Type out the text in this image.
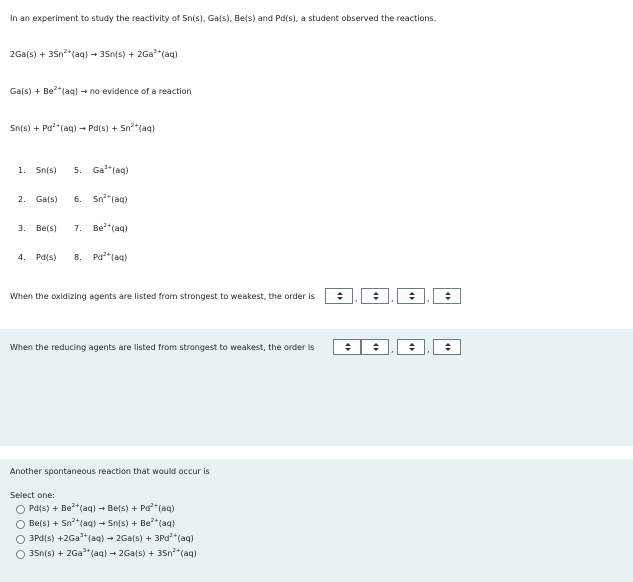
In an experiment to study the reactivity of Sn(s), Ga(s), Be(s) and Pd(s), a student observed the reactions.
$2Ga(s) + 3Sn^{2+}(aq) \to 3Sn(s) + 2Ga^{3+}(aq)$
$Ga(s) + Be^{2+}(aq)$ → no evidence of a reaction
$Sn(s) + Pd^{2+}(aq) \to Pd(s) + Sn^{2+}(aq)$
1. Sn(s) 5. $Ga^{3+}(aq)$
2. Ga(s) 6. $Sn^{2+}(aq)$
3. Be(s) 7. $Be^{2+}(aq)$
4. Pd(s) 8. $Pd^{2+}(aq)$
When the oxidizing agents are listed from strongest to weakest, the order is	,	,	,
When the reducing agents are listed from strongest to weakest, the order is	,	,
Another spontaneous reaction that would occur is
Select one:
$Pd(s) + Be^{2+}(aq) \to Be(s) + Pd^{2+}(aq)$
$Be(s) + Sn^{2+}(aq) \to Sn(s) + Be^{2+}(aq)$
$3Pd(s) +2Ga^{3+}(aq) \to 2Ga(s) + 3Pd^{2+}(aq)$
$3Sn(s) + 2Ga^{3+}(aq) \to 2Ga(s) + 3Sn^{2+}(aq)$
